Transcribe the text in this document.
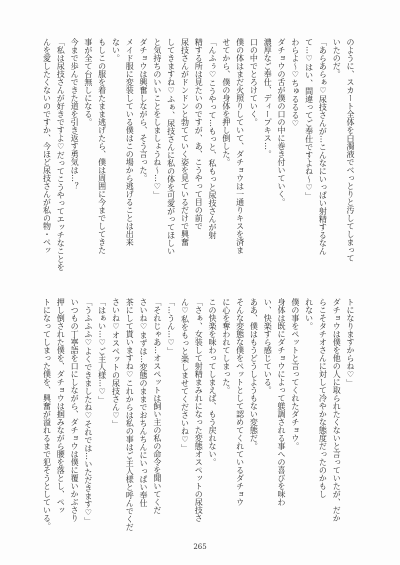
のように、スカート全体を白濁液でべっとりと汚してしまって
いたのだ。
「あらあらぁ♡尿技さんが…こんなにいっぱい射精するなん
て…♡はい、間違ってご奉仕ですよね〜♡」
わらよ〜♡ちゅるるる♡
ダチョウの舌が僕の口の中に巻き付いていく。
濃厚なご奉仕、ディープキス…。
口の中でとろけていく。
僕の体はまだ火照りしていて、ダチョウは一通りキスを済ま
せてから、僕の身体を押し倒した。
「んふぅ♡こうやって…もっと、私もっと尿技さんが射
精する所は見たいのですが、あ、こうやって目の前で
尿技さんがドンドンと勃てていく姿を見ているだけで興奮
してきますね♡ふぁ、尿技さんに私の体を可愛がってほしい
と気持ちのいいことをしましょうね〜…♡」
ダチョウは興奮しながら、そう言った。
メイド服に変装している僕はこの場から逃げることは出来
ない。
もしこの服を着たまま逃げたら、僕は周囲に今までしてきた
事が全て台無しになる。
今まで歩んできた道を引き返す勇気は…？
「私は尿技さんが好きですよ♡だってこうやってエッチなことを
んを愛したくないのですか、今ほど尿技さんが私の物・ペッ
トになりますからね♡」
ダチョウは僕を他の人に取られたくないと言っていたが、だか
らこそタチオさんに対して冷やかな態度だったのかもし
れない。
僕の事をペットと言ってくれたダチョウ。
身体は既にダチョウによって躾調される事への喜びを味わ
い、快楽すら感じている。
ああ、僕はもうどうしようもない変態だ。
そんな変態な僕をペットとして認めてくれているダチョウ
に心を奪われてしまった。
この快楽を味わってしまえば、もう戻れない。
「さぁ、女装して射精まみれになった変態オスペットの尿技さ
ん♡私をもっと楽しませてくださいね♡」
「…うん…♡」
「それじゃあ…オスペットは飼い主の私の命令を聞いてくだ
さいね♡まずは…変態のままでおちんちんにいっぱい奉仕
茶にして貰いますね♡これからは私の事はご主人様と呼んでくだ
さいね♡オスペットの尿技さん♡」
「はぁい…♡ご主人様…♡」
「うふふふ♡よくできましたね♡それでは…いただきます♡」
いつもの丁寧語を口にしながら、ダチョウは僕に覆いかぶさり
押し倒された僕を、ダチョウは掴みながら腰を落とし、ペッ
トになってしまった僕を、興奮が溢れるまで犯そうとしている。
265
